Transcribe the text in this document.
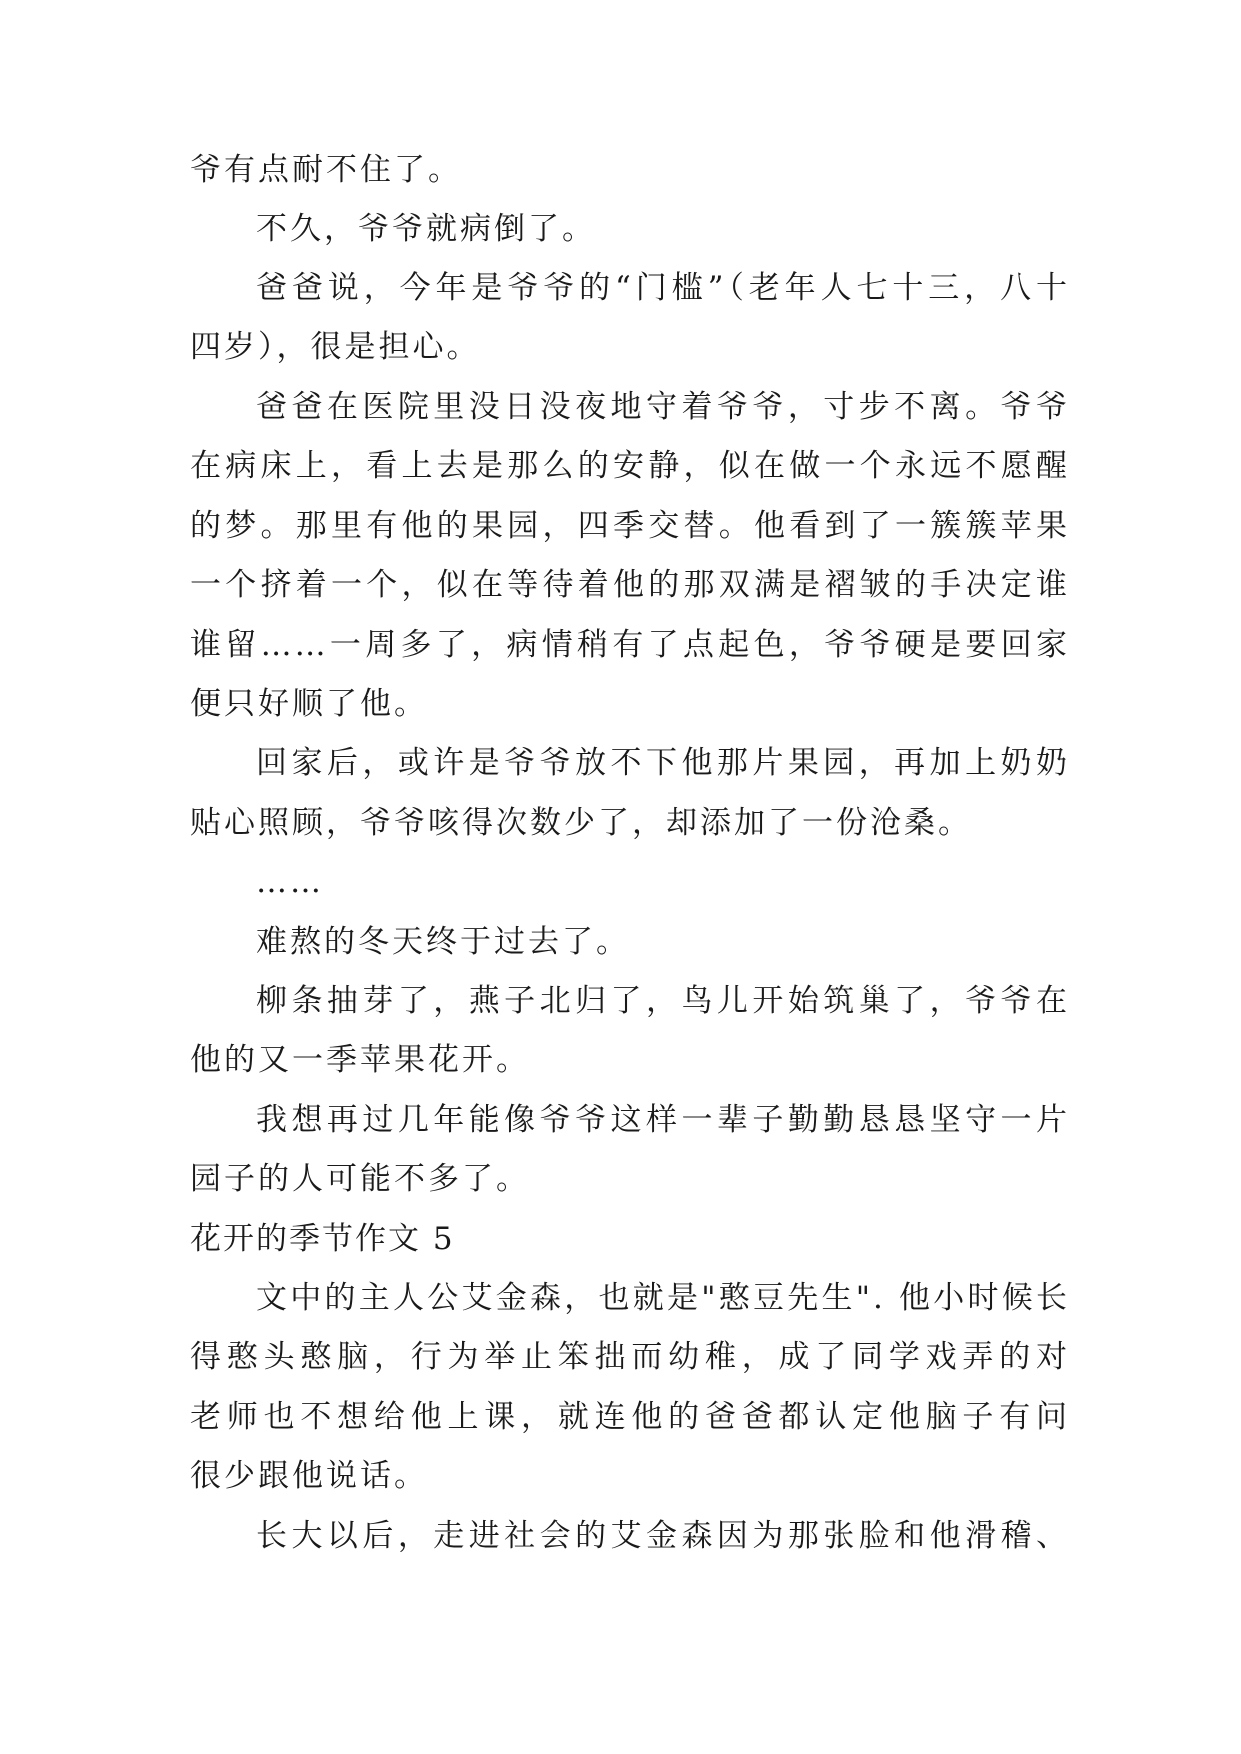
爷有点耐不住了。
不久，爷爷就病倒了。
爸爸说，今年是爷爷的“门槛”（老年人七十三，八十
四岁），很是担心。
爸爸在医院里没日没夜地守着爷爷，寸步不离。爷爷
在病床上，看上去是那么的安静，似在做一个永远不愿醒
的梦。那里有他的果园，四季交替。他看到了一簇簇苹果
一个挤着一个，似在等待着他的那双满是褶皱的手决定谁
谁留……一周多了，病情稍有了点起色，爷爷硬是要回家
便只好顺了他。
回家后，或许是爷爷放不下他那片果园，再加上奶奶
贴心照顾，爷爷咳得次数少了，却添加了一份沧桑。
……
难熬的冬天终于过去了。
柳条抽芽了，燕子北归了，鸟儿开始筑巢了，爷爷在
他的又一季苹果花开。
我想再过几年能像爷爷这样一辈子勤勤恳恳坚守一片
园子的人可能不多了。
花开的季节作文 5
文中的主人公艾金森，也就是"憨豆先生". 他小时候长
得憨头憨脑，行为举止笨拙而幼稚，成了同学戏弄的对
老师也不想给他上课，就连他的爸爸都认定他脑子有问
很少跟他说话。
长大以后，走进社会的艾金森因为那张脸和他滑稽、
